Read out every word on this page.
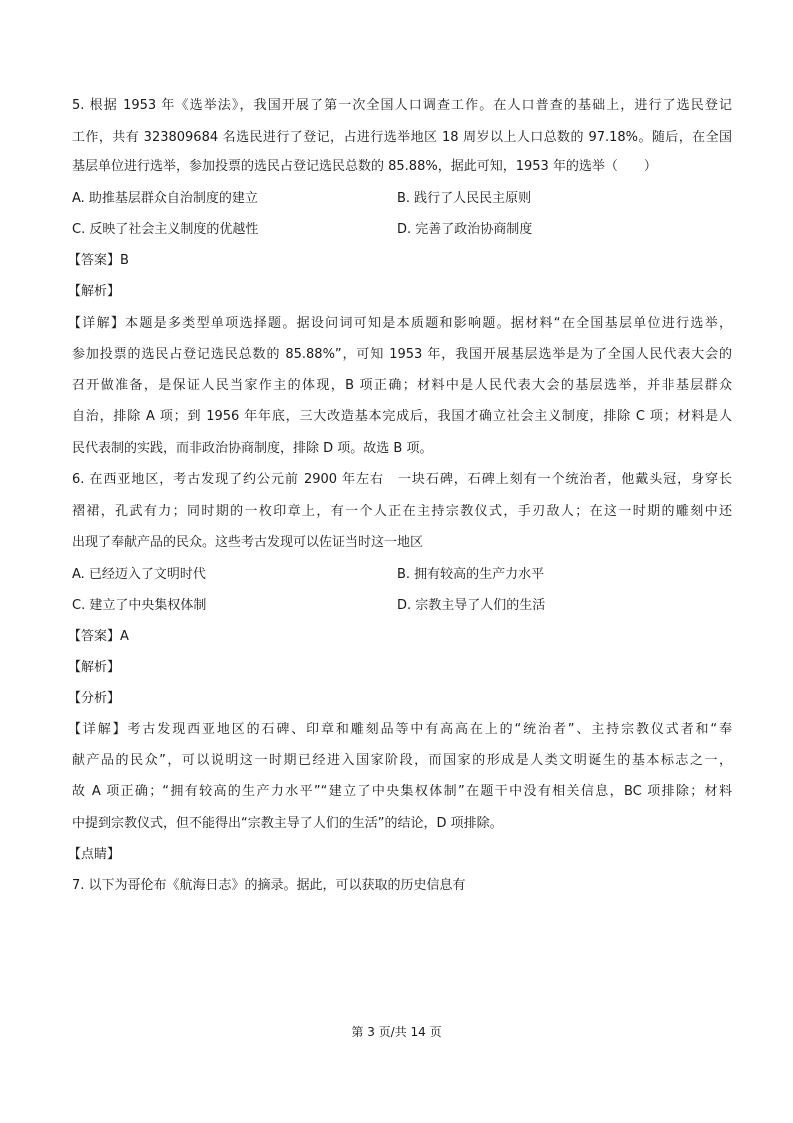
5. 根据 1953 年《选举法》，我国开展了第一次全国人口调查工作。在人口普查的基础上，进行了选民登记
工作，共有 323809684 名选民进行了登记，占进行选举地区 18 周岁以上人口总数的 97.18%。随后，在全国
基层单位进行选举，参加投票的选民占登记选民总数的 85.88%，据此可知，1953 年的选举（　　）
A. 助推基层群众自治制度的建立	B. 践行了人民民主原则
C. 反映了社会主义制度的优越性	D. 完善了政治协商制度
【答案】B
【解析】
【详解】本题是多类型单项选择题。据设问词可知是本质题和影响题。据材料“在全国基层单位进行选举，
参加投票的选民占登记选民总数的 85.88%”，可知 1953 年，我国开展基层选举是为了全国人民代表大会的
召开做准备，是保证人民当家作主的体现，B 项正确；材料中是人民代表大会的基层选举，并非基层群众
自治，排除 A 项；到 1956 年年底，三大改造基本完成后，我国才确立社会主义制度，排除 C 项；材料是人
民代表制的实践，而非政治协商制度，排除 D 项。故选 B 项。
6. 在西亚地区，考古发现了约公元前 2900 年左右　一块石碑，石碑上刻有一个统治者，他戴头冠，身穿长
褶裙，孔武有力；同时期的一枚印章上，有一个人正在主持宗教仪式，手刃敌人；在这一时期的雕刻中还
出现了奉献产品的民众。这些考古发现可以佐证当时这一地区
A. 已经迈入了文明时代	B. 拥有较高的生产力水平
C. 建立了中央集权体制	D. 宗教主导了人们的生活
【答案】A
【解析】
【分析】
【详解】考古发现西亚地区的石碑、印章和雕刻品等中有高高在上的“统治者”、主持宗教仪式者和“奉
献产品的民众”，可以说明这一时期已经进入国家阶段，而国家的形成是人类文明诞生的基本标志之一，
故 A 项正确；“拥有较高的生产力水平”“建立了中央集权体制”在题干中没有相关信息，BC 项排除；材料
中提到宗教仪式，但不能得出“宗教主导了人们的生活”的结论，D 项排除。
【点睛】
7. 以下为哥伦布《航海日志》的摘录。据此，可以获取的历史信息有
第 3 页/共 14 页
